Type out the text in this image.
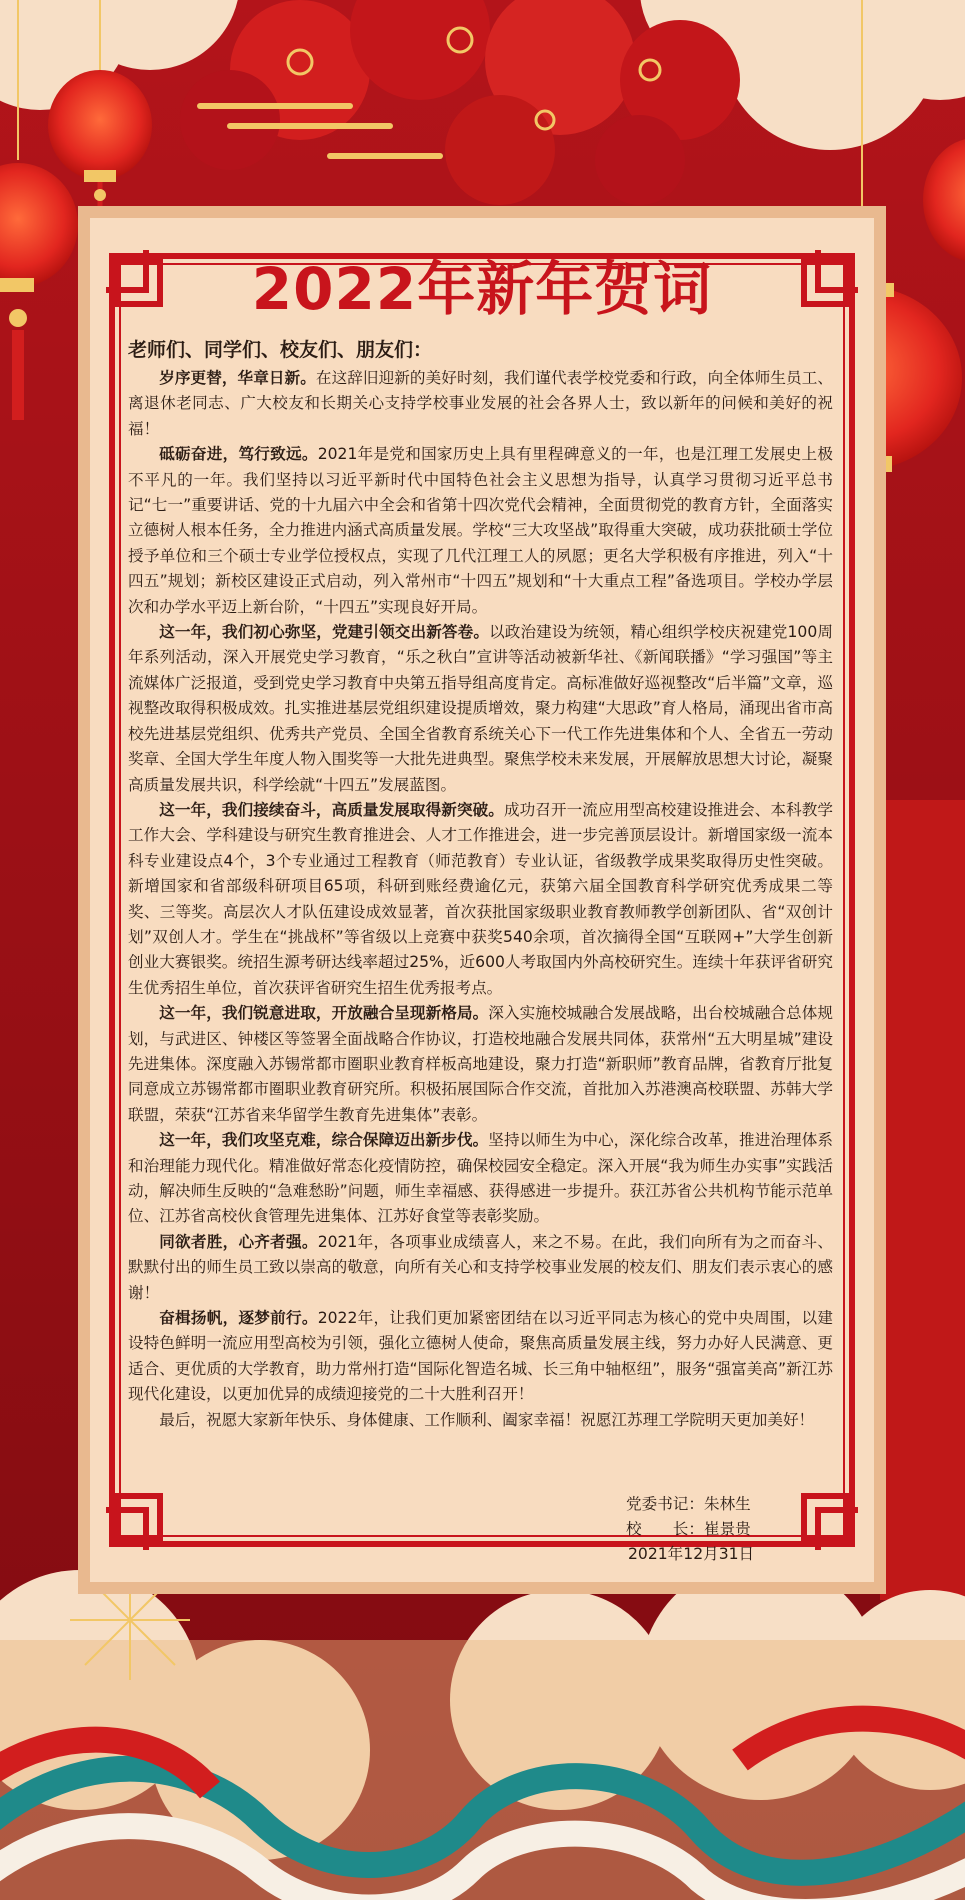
2022年新年贺词
老师们、同学们、校友们、朋友们：

岁序更替，华章日新。在这辞旧迎新的美好时刻，我们谨代表学校党委和行政，向全体师生员工、离退休老同志、广大校友和长期关心支持学校事业发展的社会各界人士，致以新年的问候和美好的祝福！

砥砺奋进，笃行致远。2021年是党和国家历史上具有里程碑意义的一年，也是江理工发展史上极不平凡的一年。我们坚持以习近平新时代中国特色社会主义思想为指导，认真学习贯彻习近平总书记“七一”重要讲话、党的十九届六中全会和省第十四次党代会精神，全面贯彻党的教育方针，全面落实立德树人根本任务，全力推进内涵式高质量发展。学校“三大攻坚战”取得重大突破，成功获批硕士学位授予单位和三个硕士专业学位授权点，实现了几代江理工人的夙愿；更名大学积极有序推进，列入“十四五”规划；新校区建设正式启动，列入常州市“十四五”规划和“十大重点工程”备选项目。学校办学层次和办学水平迈上新台阶，“十四五”实现良好开局。

这一年，我们初心弥坚，党建引领交出新答卷。以政治建设为统领，精心组织学校庆祝建党100周年系列活动，深入开展党史学习教育，“乐之秋白”宣讲等活动被新华社、《新闻联播》“学习强国”等主流媒体广泛报道，受到党史学习教育中央第五指导组高度肯定。高标准做好巡视整改“后半篇”文章，巡视整改取得积极成效。扎实推进基层党组织建设提质增效，聚力构建“大思政”育人格局，涌现出省市高校先进基层党组织、优秀共产党员、全国全省教育系统关心下一代工作先进集体和个人、全省五一劳动奖章、全国大学生年度人物入围奖等一大批先进典型。聚焦学校未来发展，开展解放思想大讨论，凝聚高质量发展共识，科学绘就“十四五”发展蓝图。

这一年，我们接续奋斗，高质量发展取得新突破。成功召开一流应用型高校建设推进会、本科教学工作大会、学科建设与研究生教育推进会、人才工作推进会，进一步完善顶层设计。新增国家级一流本科专业建设点4个，3个专业通过工程教育（师范教育）专业认证，省级教学成果奖取得历史性突破。新增国家和省部级科研项目65项，科研到账经费逾亿元，获第六届全国教育科学研究优秀成果二等奖、三等奖。高层次人才队伍建设成效显著，首次获批国家级职业教育教师教学创新团队、省“双创计划”双创人才。学生在“挑战杯”等省级以上竞赛中获奖540余项，首次摘得全国“互联网+”大学生创新创业大赛银奖。统招生源考研达线率超过25%，近600人考取国内外高校研究生。连续十年获评省研究生优秀招生单位，首次获评省研究生招生优秀报考点。

这一年，我们锐意进取，开放融合呈现新格局。深入实施校城融合发展战略，出台校城融合总体规划，与武进区、钟楼区等签署全面战略合作协议，打造校地融合发展共同体，获常州“五大明星城”建设先进集体。深度融入苏锡常都市圈职业教育样板高地建设，聚力打造“新职师”教育品牌，省教育厅批复同意成立苏锡常都市圈职业教育研究所。积极拓展国际合作交流，首批加入苏港澳高校联盟、苏韩大学联盟，荣获“江苏省来华留学生教育先进集体”表彰。

这一年，我们攻坚克难，综合保障迈出新步伐。坚持以师生为中心，深化综合改革，推进治理体系和治理能力现代化。精准做好常态化疫情防控，确保校园安全稳定。深入开展“我为师生办实事”实践活动，解决师生反映的“急难愁盼”问题，师生幸福感、获得感进一步提升。获江苏省公共机构节能示范单位、江苏省高校伙食管理先进集体、江苏好食堂等表彰奖励。

同欲者胜，心齐者强。2021年，各项事业成绩喜人，来之不易。在此，我们向所有为之而奋斗、默默付出的师生员工致以崇高的敬意，向所有关心和支持学校事业发展的校友们、朋友们表示衷心的感谢！

奋楫扬帆，逐梦前行。2022年，让我们更加紧密团结在以习近平同志为核心的党中央周围，以建设特色鲜明一流应用型高校为引领，强化立德树人使命，聚焦高质量发展主线，努力办好人民满意、更适合、更优质的大学教育，助力常州打造“国际化智造名城、长三角中轴枢纽”，服务“强富美高”新江苏现代化建设，以更加优异的成绩迎接党的二十大胜利召开！

最后，祝愿大家新年快乐、身体健康、工作顺利、阖家幸福！祝愿江苏理工学院明天更加美好！

党委书记：朱林生
校　　长：崔景贵
2021年12月31日
